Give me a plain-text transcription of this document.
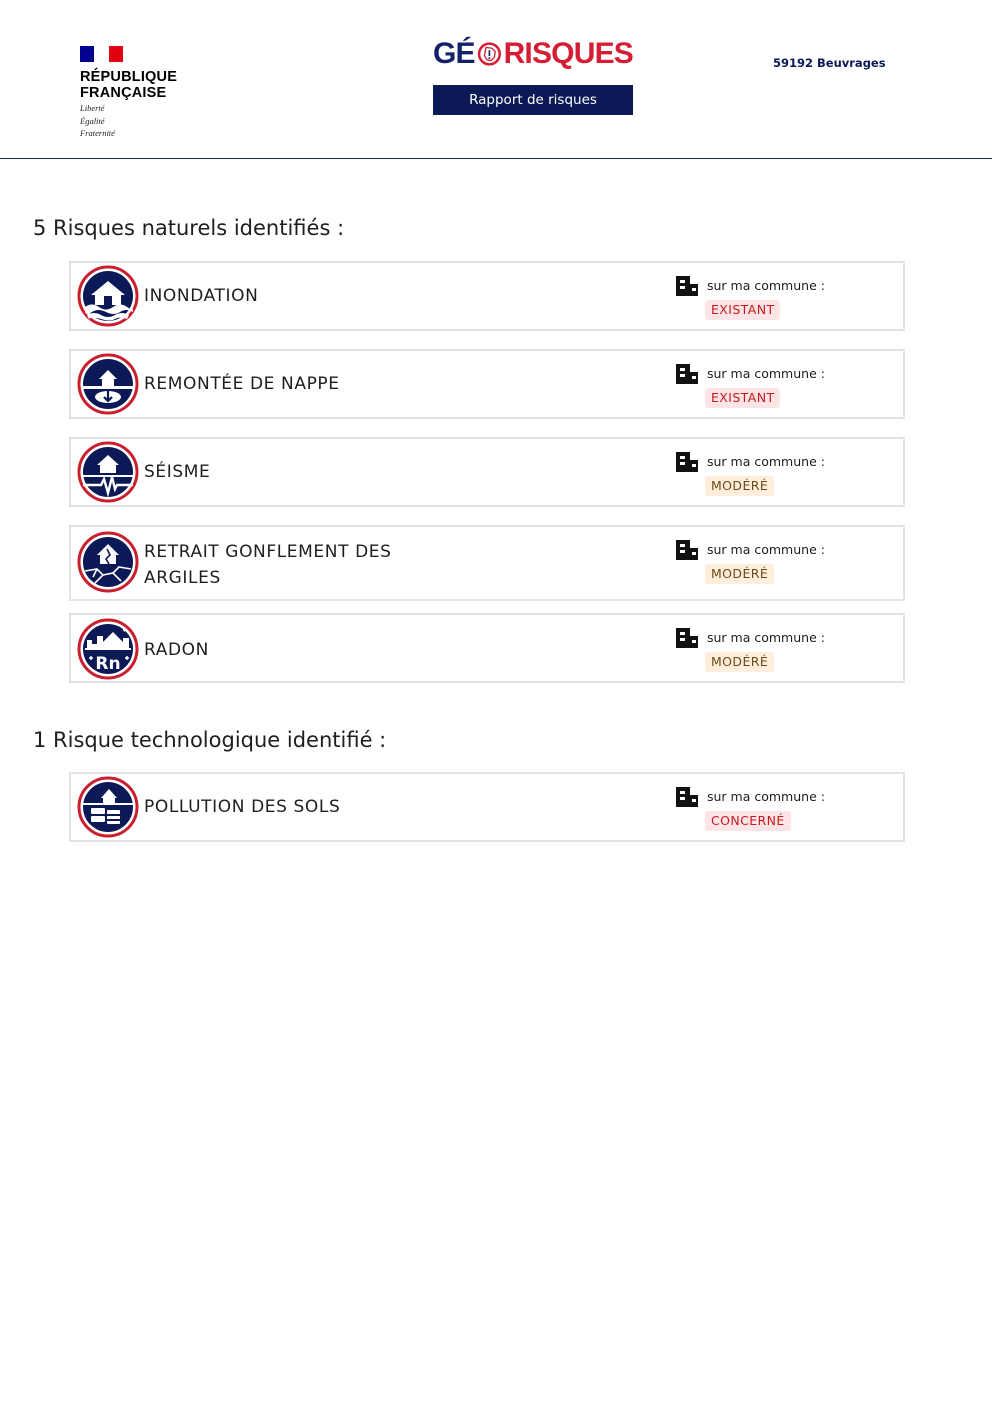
RÉPUBLIQUE
FRANÇAISE
Liberté
Égalité
Fraternité
GÉ RISQUES
Rapport de risques
59192 Beuvrages
5 Risques naturels identifiés :
INONDATION
sur ma commune :
EXISTANT
REMONTÉE DE NAPPE
sur ma commune :
EXISTANT
SÉISME
sur ma commune :
MODÉRÉ
RETRAIT GONFLEMENT DES
ARGILES
sur ma commune :
MODÉRÉ
Rn
RADON
sur ma commune :
MODÉRÉ
1 Risque technologique identifié :
POLLUTION DES SOLS
sur ma commune :
CONCERNÉ
